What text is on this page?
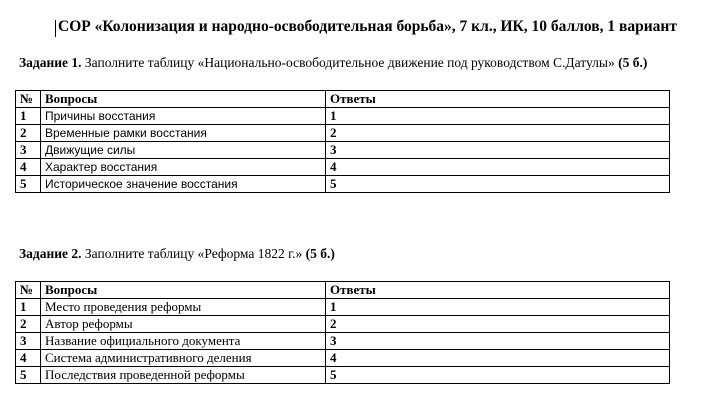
СОР «Колонизация и народно-освободительная борьба», 7 кл., ИК, 10 баллов, 1 вариант
Задание 1. Заполните таблицу «Национально-освободительное движение под руководством С.Датулы» (5 б.)
№	Вопросы	Ответы
1	Причины восстания	1
2	Временные рамки восстания	2
3	Движущие силы	3
4	Характер восстания	4
5	Историческое значение восстания	5
Задание 2. Заполните таблицу «Реформа 1822 г.» (5 б.)
№	Вопросы	Ответы
1	Место проведения реформы	1
2	Автор реформы	2
3	Название официального документа	3
4	Система административного деления	4
5	Последствия проведенной реформы	5
